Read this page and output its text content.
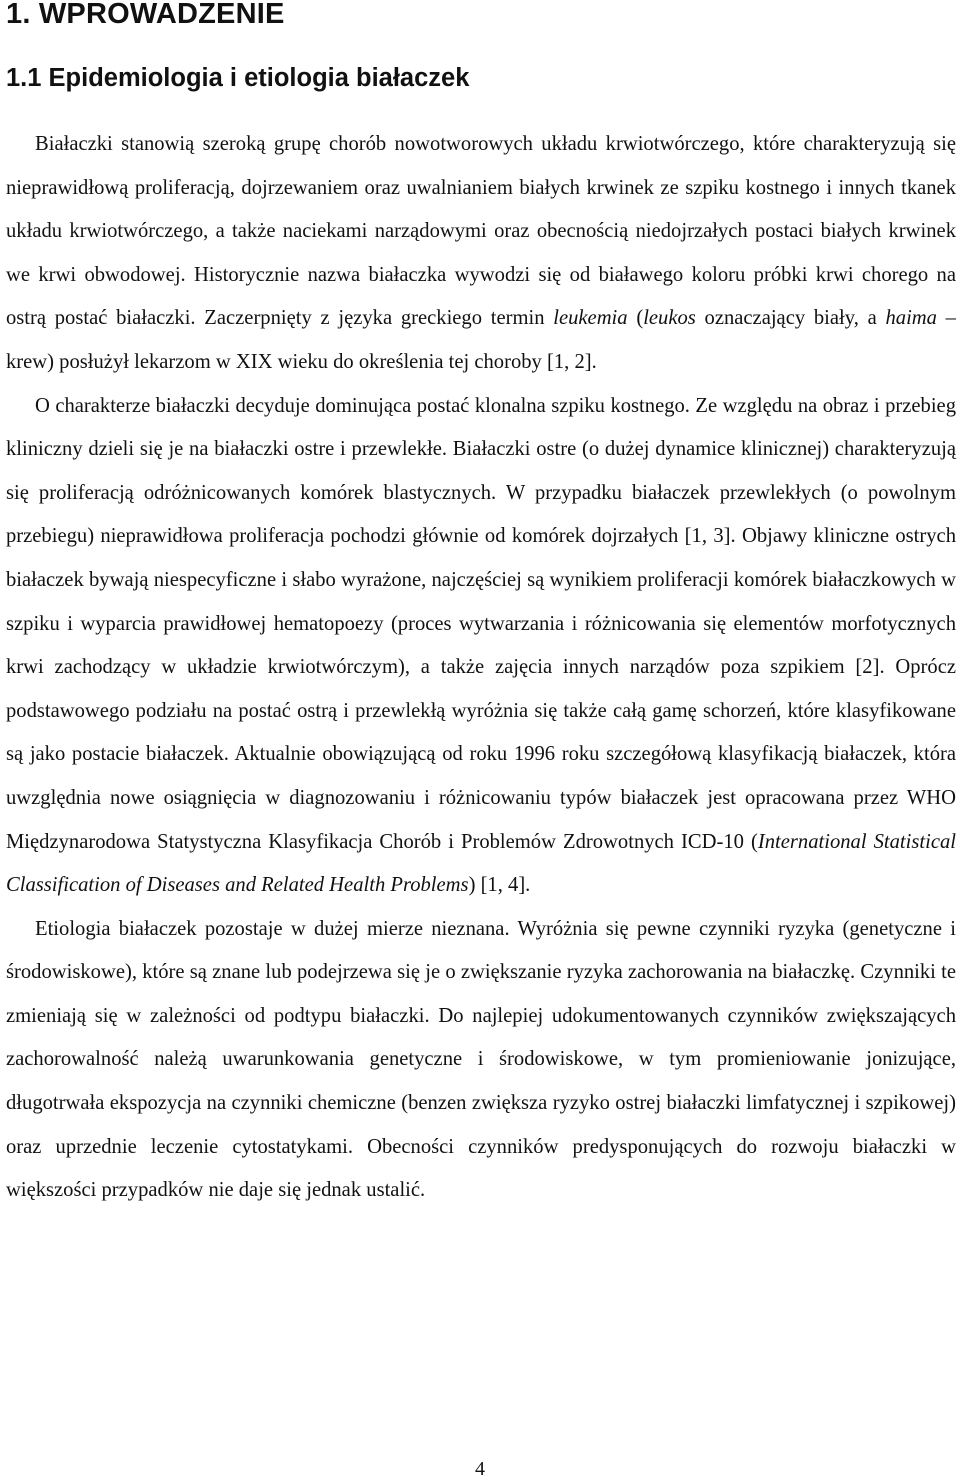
1. WPROWADZENIE
1.1 Epidemiologia i etiologia białaczek

Białaczki stanowią szeroką grupę chorób nowotworowych układu krwiotwórczego, które charakteryzują się nieprawidłową proliferacją, dojrzewaniem oraz uwalnianiem białych krwinek ze szpiku kostnego i innych tkanek układu krwiotwórczego, a także naciekami narządowymi oraz obecnością niedojrzałych postaci białych krwinek we krwi obwodowej. Historycznie nazwa białaczka wywodzi się od białawego koloru próbki krwi chorego na ostrą postać białaczki. Zaczerpnięty z języka greckiego termin leukemia (leukos oznaczający biały, a haima – krew) posłużył lekarzom w XIX wieku do określenia tej choroby [1, 2].

O charakterze białaczki decyduje dominująca postać klonalna szpiku kostnego. Ze względu na obraz i przebieg kliniczny dzieli się je na białaczki ostre i przewlekłe. Białaczki ostre (o dużej dynamice klinicznej) charakteryzują się proliferacją odróżnicowanych komórek blastycznych. W przypadku białaczek przewlekłych (o powolnym przebiegu) nieprawidłowa proliferacja pochodzi głównie od komórek dojrzałych [1, 3]. Objawy kliniczne ostrych białaczek bywają niespecyficzne i słabo wyrażone, najczęściej są wynikiem proliferacji komórek białaczkowych w szpiku i wyparcia prawidłowej hematopoezy (proces wytwarzania i różnicowania się elementów morfotycznych krwi zachodzący w układzie krwiotwórczym), a także zajęcia innych narządów poza szpikiem [2]. Oprócz podstawowego podziału na postać ostrą i przewlekłą wyróżnia się także całą gamę schorzeń, które klasyfikowane są jako postacie białaczek. Aktualnie obowiązującą od roku 1996 roku szczegółową klasyfikacją białaczek, która uwzględnia nowe osiągnięcia w diagnozowaniu i różnicowaniu typów białaczek jest opracowana przez WHO Międzynarodowa Statystyczna Klasyfikacja Chorób i Problemów Zdrowotnych ICD-10 (International Statistical Classification of Diseases and Related Health Problems) [1, 4].

Etiologia białaczek pozostaje w dużej mierze nieznana. Wyróżnia się pewne czynniki ryzyka (genetyczne i środowiskowe), które są znane lub podejrzewa się je o zwiększanie ryzyka zachorowania na białaczkę. Czynniki te zmieniają się w zależności od podtypu białaczki. Do najlepiej udokumentowanych czynników zwiększających zachorowalność należą uwarunkowania genetyczne i środowiskowe, w tym promieniowanie jonizujące, długotrwała ekspozycja na czynniki chemiczne (benzen zwiększa ryzyko ostrej białaczki limfatycznej i szpikowej) oraz uprzednie leczenie cytostatykami. Obecności czynników predysponujących do rozwoju białaczki w większości przypadków nie daje się jednak ustalić.

4
